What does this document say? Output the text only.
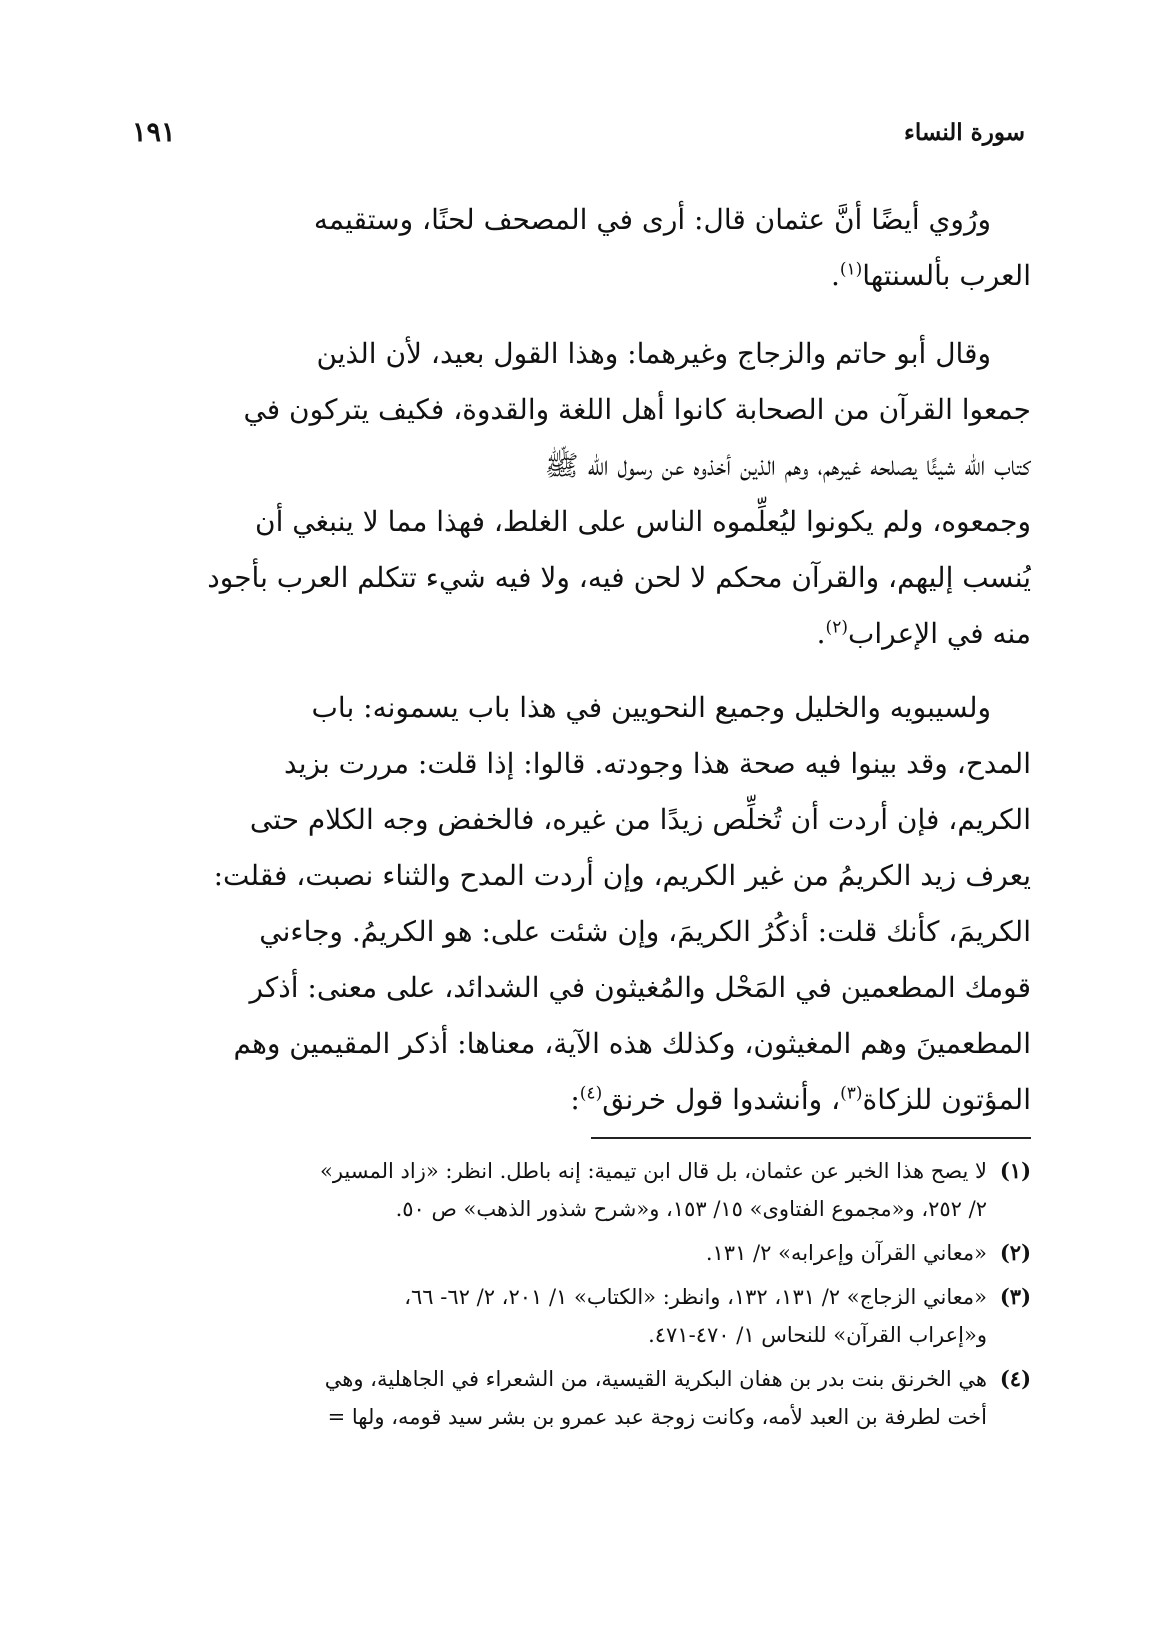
سورة النساء
١٩١
ورُوي أيضًا أنَّ عثمان قال: أرى في المصحف لحنًا، وستقيمه
العرب بألسنتها$^{(١)}$.
وقال أبو حاتم والزجاج وغيرهما: وهذا القول بعيد، لأن الذين
جمعوا القرآن من الصحابة كانوا أهل اللغة والقدوة، فكيف يتركون في
كتاب الله شيئًا يصلحه غيرهم، وهم الذين أخذوه عن رسول الله ﷺ
وجمعوه، ولم يكونوا ليُعلِّموه الناس على الغلط، فهذا مما لا ينبغي أن
يُنسب إليهم، والقرآن محكم لا لحن فيه، ولا فيه شيء تتكلم العرب بأجود
منه في الإعراب$^{(٢)}$.
ولسيبويه والخليل وجميع النحويين في هذا باب يسمونه: باب
المدح، وقد بينوا فيه صحة هذا وجودته. قالوا: إذا قلت: مررت بزيد
الكريم، فإن أردت أن تُخلِّص زيدًا من غيره، فالخفض وجه الكلام حتى
يعرف زيد الكريمُ من غير الكريم، وإن أردت المدح والثناء نصبت، فقلت:
الكريمَ، كأنك قلت: أذكُرُ الكريمَ، وإن شئت على: هو الكريمُ. وجاءني
قومك المطعمين في المَحْل والمُغيثون في الشدائد، على معنى: أذكر
المطعمينَ وهم المغيثون، وكذلك هذه الآية، معناها: أذكر المقيمين وهم
المؤتون للزكاة$^{(٣)}$، وأنشدوا قول خرنق$^{(٤)}$:
(١)
لا يصح هذا الخبر عن عثمان، بل قال ابن تيمية: إنه باطل. انظر: «زاد المسير»
٢/ ٢٥٢، و«مجموع الفتاوى» ١٥/ ١٥٣، و«شرح شذور الذهب» ص ٥٠.
(٢)
«معاني القرآن وإعرابه» ٢/ ١٣١.
(٣)
«معاني الزجاج» ٢/ ١٣١، ١٣٢، وانظر: «الكتاب» ١/ ٢٠١، ٢/ ٦٢- ٦٦،
و«إعراب القرآن» للنحاس ١/ ٤٧٠-٤٧١.
(٤)
هي الخرنق بنت بدر بن هفان البكرية القيسية، من الشعراء في الجاهلية، وهي
أخت لطرفة بن العبد لأمه، وكانت زوجة عبد عمرو بن بشر سيد قومه، ولها =
